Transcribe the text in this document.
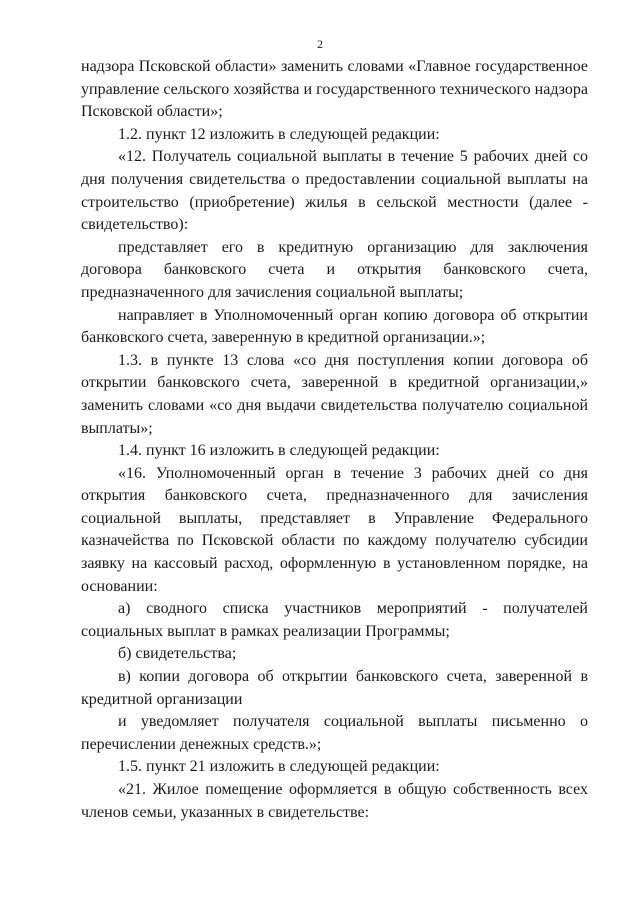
2

надзора Псковской области» заменить словами «Главное государственное управление сельского хозяйства и государственного технического надзора Псковской области»;

1.2. пункт 12 изложить в следующей редакции:

«12. Получатель социальной выплаты в течение 5 рабочих дней со дня получения свидетельства о предоставлении социальной выплаты на строительство (приобретение) жилья в сельской местности (далее - свидетельство):

представляет его в кредитную организацию для заключения договора банковского счета и открытия банковского счета, предназначенного для зачисления социальной выплаты;

направляет в Уполномоченный орган копию договора об открытии банковского счета, заверенную в кредитной организации.»;

1.3. в пункте 13 слова «со дня поступления копии договора об открытии банковского счета, заверенной в кредитной организации,» заменить словами «со дня выдачи свидетельства получателю социальной выплаты»;

1.4. пункт 16 изложить в следующей редакции:

«16. Уполномоченный орган в течение 3 рабочих дней со дня открытия банковского счета, предназначенного для зачисления социальной выплаты, представляет в Управление Федерального казначейства по Псковской области по каждому получателю субсидии заявку на кассовый расход, оформленную в установленном порядке, на основании:

а) сводного списка участников мероприятий - получателей социальных выплат в рамках реализации Программы;

б) свидетельства;

в) копии договора об открытии банковского счета, заверенной в кредитной организации

и уведомляет получателя социальной выплаты письменно о перечислении денежных средств.»;

1.5. пункт 21 изложить в следующей редакции:

«21. Жилое помещение оформляется в общую собственность всех членов семьи, указанных в свидетельстве:
